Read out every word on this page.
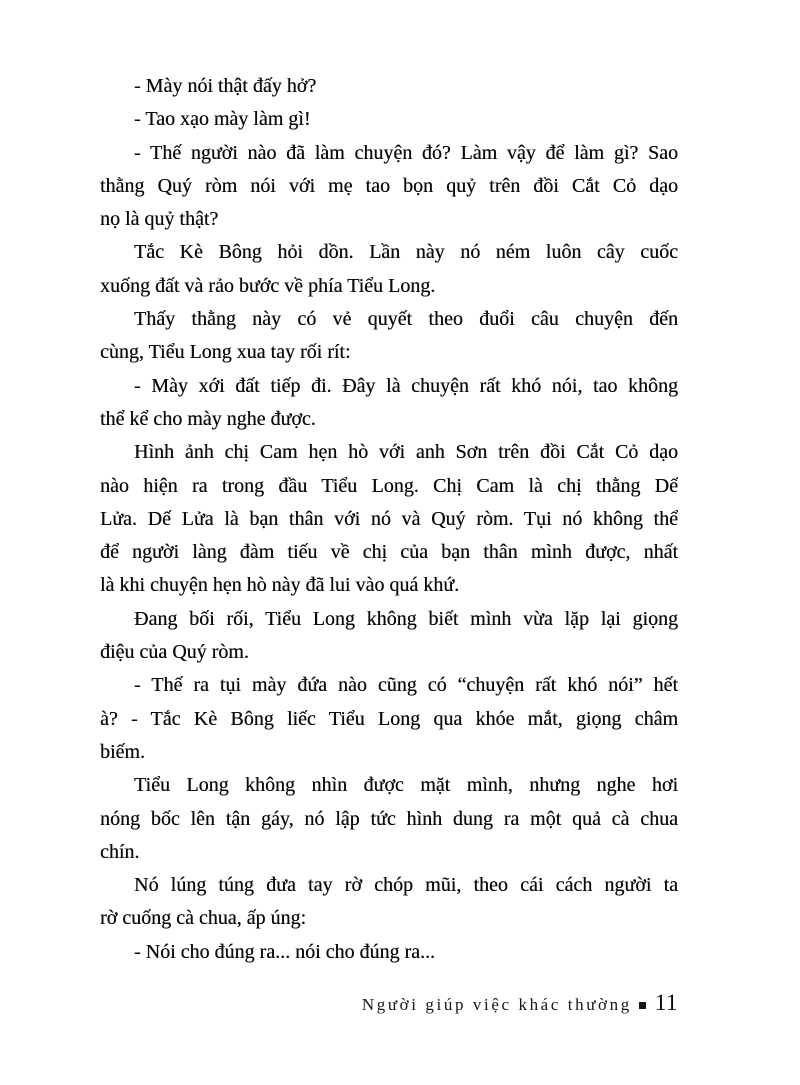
- Mày nói thật đấy hở?
- Tao xạo mày làm gì!
- Thế người nào đã làm chuyện đó? Làm vậy để làm gì? Sao
thằng Quý ròm nói với mẹ tao bọn quỷ trên đồi Cắt Cỏ dạo
nọ là quỷ thật?
Tắc Kè Bông hỏi dồn. Lần này nó ném luôn cây cuốc
xuống đất và rảo bước về phía Tiểu Long.
Thấy thằng này có vẻ quyết theo đuổi câu chuyện đến
cùng, Tiểu Long xua tay rối rít:
- Mày xới đất tiếp đi. Đây là chuyện rất khó nói, tao không
thể kể cho mày nghe được.
Hình ảnh chị Cam hẹn hò với anh Sơn trên đồi Cắt Cỏ dạo
nào hiện ra trong đầu Tiểu Long. Chị Cam là chị thằng Dế
Lửa. Dế Lửa là bạn thân với nó và Quý ròm. Tụi nó không thể
để người làng đàm tiếu về chị của bạn thân mình được, nhất
là khi chuyện hẹn hò này đã lui vào quá khứ.
Đang bối rối, Tiểu Long không biết mình vừa lặp lại giọng
điệu của Quý ròm.
- Thế ra tụi mày đứa nào cũng có “chuyện rất khó nói” hết
à? - Tắc Kè Bông liếc Tiểu Long qua khóe mắt, giọng châm
biếm.
Tiểu Long không nhìn được mặt mình, nhưng nghe hơi
nóng bốc lên tận gáy, nó lập tức hình dung ra một quả cà chua
chín.
Nó lúng túng đưa tay rờ chóp mũi, theo cái cách người ta
rờ cuống cà chua, ấp úng:
- Nói cho đúng ra... nói cho đúng ra...
Người giúp việc khác thường 11
